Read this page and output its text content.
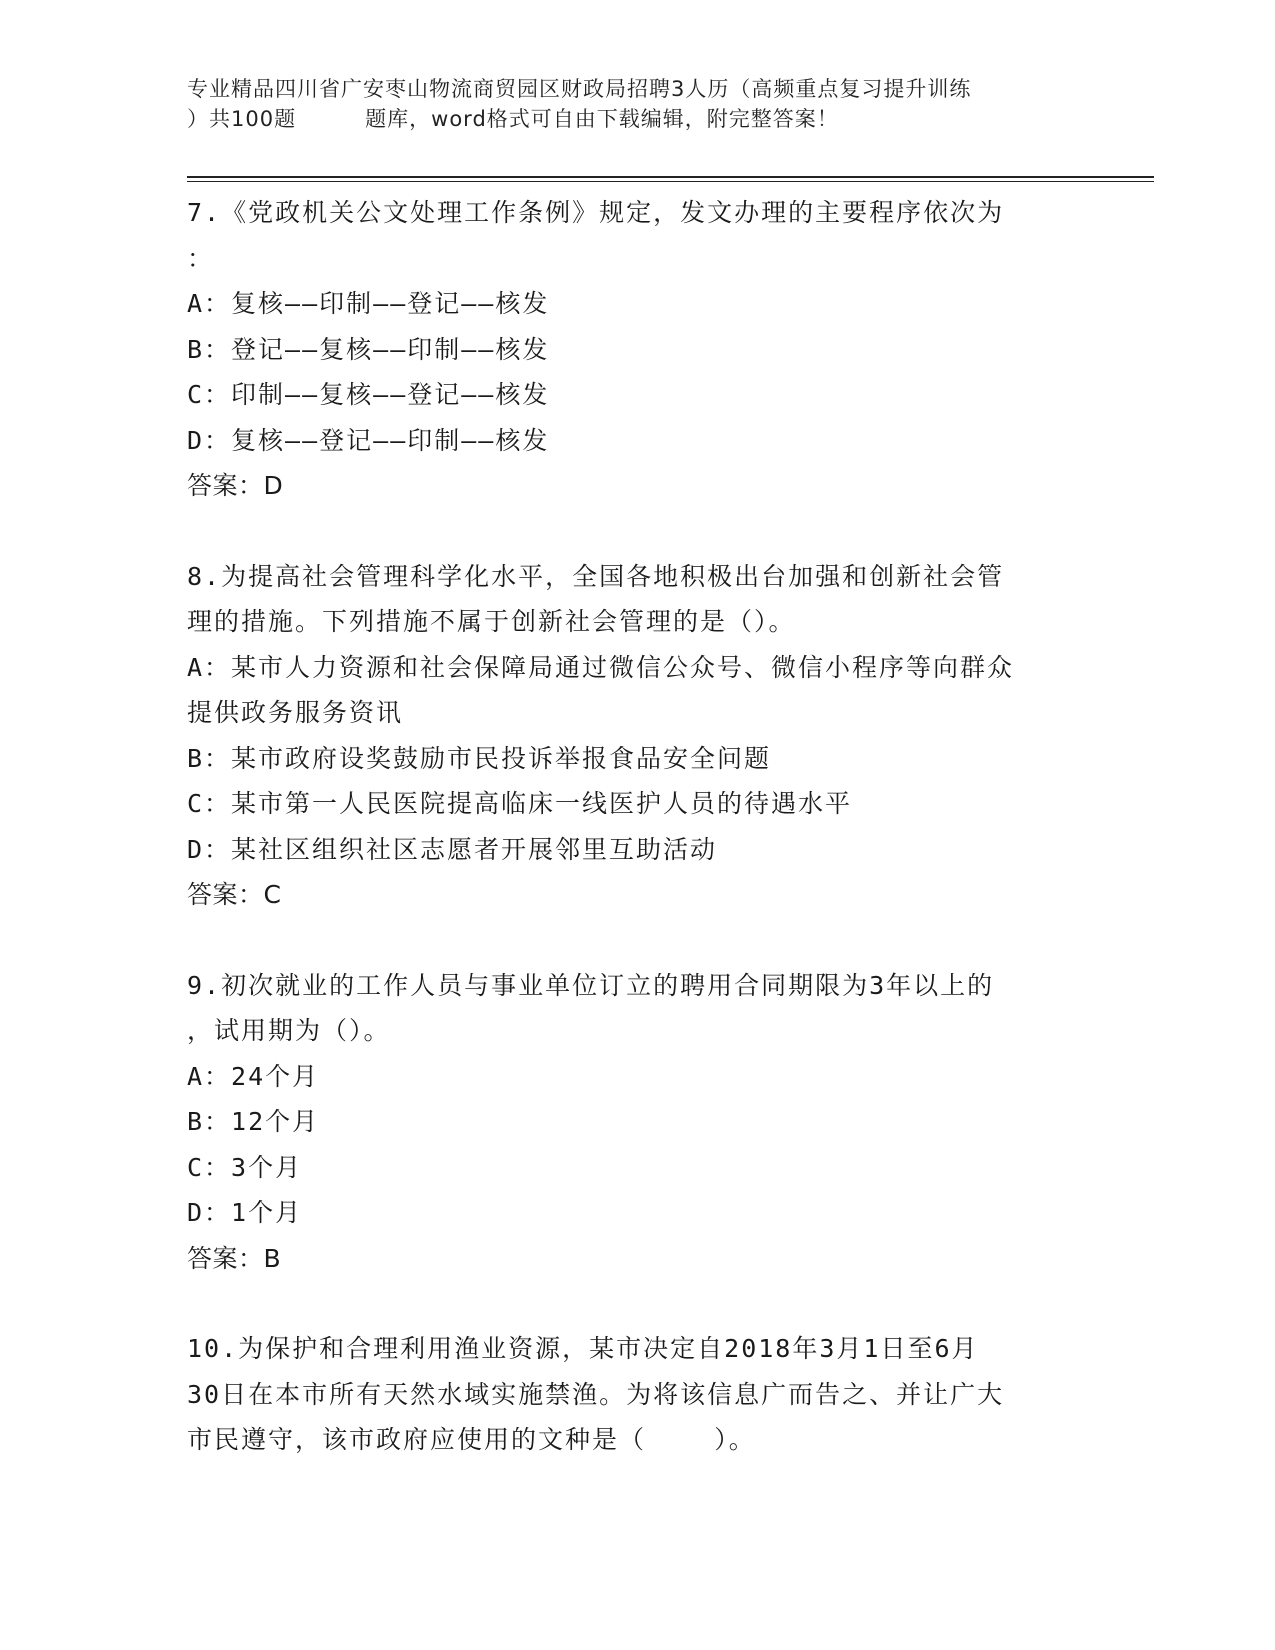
专业精品四川省广安枣山物流商贸园区财政局招聘3人历（高频重点复习提升训练
）共100题         题库，word格式可自由下载编辑，附完整答案！
7.《党政机关公文处理工作条例》规定，发文办理的主要程序依次为
：
A：复核——印制——登记——核发
B：登记——复核——印制——核发
C：印制——复核——登记——核发
D：复核——登记——印制——核发
答案：D
8.为提高社会管理科学化水平，全国各地积极出台加强和创新社会管
理的措施。下列措施不属于创新社会管理的是（）。
A：某市人力资源和社会保障局通过微信公众号、微信小程序等向群众
提供政务服务资讯
B：某市政府设奖鼓励市民投诉举报食品安全问题
C：某市第一人民医院提高临床一线医护人员的待遇水平
D：某社区组织社区志愿者开展邻里互助活动
答案：C
9.初次就业的工作人员与事业单位订立的聘用合同期限为3年以上的
，试用期为（）。
A：24个月
B：12个月
C：3个月
D：1个月
答案：B
10.为保护和合理利用渔业资源，某市决定自2018年3月1日至6月
30日在本市所有天然水域实施禁渔。为将该信息广而告之、并让广大
市民遵守，该市政府应使用的文种是（    ）。
